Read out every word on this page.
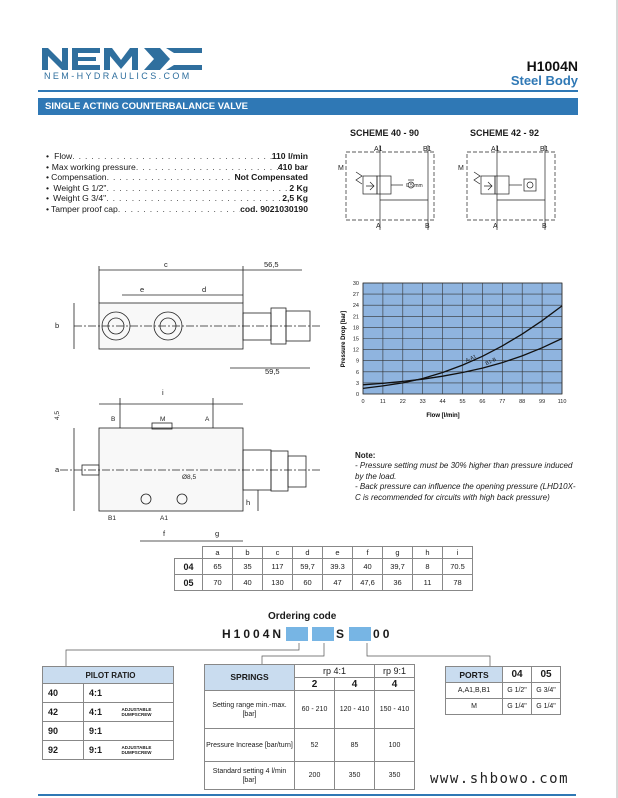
NEM-HYDRAULICS.COM
H1004N
Steel Body
SINGLE ACTING COUNTERBALANCE VALVE
• Flow . . .	110 l/min
• Max working pressure . . .	410 bar
• Compensation . . .	Not Compensated
• Weight G 1/2" . . .	2 Kg
• Weight G 3/4" . . .	2,5 Kg
• Tamper proof cap . . .	cod. 9021030190
SCHEME 40 - 90	SCHEME 42 - 92
A1	B1
M
A	B
0.5 mm
A1	B1
M
A	B
c
e	d
b
56,5
59,5
i
4,5
a
h
f	g
Ø8,5
B	M	A
B1	A1
0	11	22	33	44	55	66	77	88	99 110
0
3
6
9
12
15
18
21
24
27
30
A-A1 B1-B
Flow [l/min]
Pressure Drop [bar]
Note:

- Pressure setting must be 30% higher than pressure induced by the load.

- Back pressure can influence the opening pressure (LHD10X-C is recommended for circuits with high back pressure)

	a	b	c	d	e	f	g	h	i
04	65	35	117	59,7	39.3	40	39,7	8	70.5
05	70	40	130	60	47	47,6	36	11	78
Ordering code
H1004N	S 00
PILOT RATIO		
40	4:1	
42	4:1	ADJUSTABLE DUMPSCREW
90	9:1	
92	9:1	ADJUSTABLE DUMPSCREW
SPRINGS	rp 4:1		rp 9:1
	2	4	4
Setting range min.-max. [bar]	60 - 210	120 - 410	150 - 410
Pressure Increase [bar/turn]	52	85	100
Standard setting 4 l/min [bar]	200	350	350
PORTS	04	05
A,A1,B,B1	G 1/2"	G 3/4"
M	G 1/4"	G 1/4"
www.shbowo.com
